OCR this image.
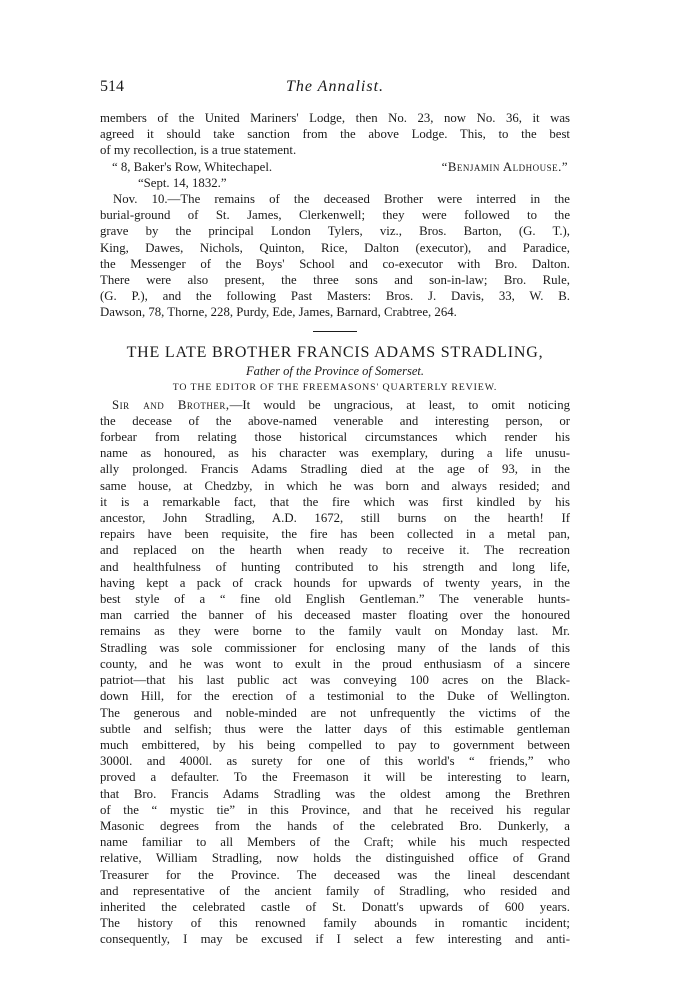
514	The Annalist.
members of the United Mariners' Lodge, then No. 23, now No. 36, it was
agreed it should take sanction from the above Lodge. This, to the best
of my recollection, is a true statement.
“ 8, Baker's Row, Whitechapel.	“Benjamin Aldhouse.”
“Sept. 14, 1832.”
Nov. 10.—The remains of the deceased Brother were interred in the
burial-ground of St. James, Clerkenwell; they were followed to the
grave by the principal London Tylers, viz., Bros. Barton, (G. T.),
King, Dawes, Nichols, Quinton, Rice, Dalton (executor), and Paradice,
the Messenger of the Boys' School and co-executor with Bro. Dalton.
There were also present, the three sons and son-in-law; Bro. Rule,
(G. P.), and the following Past Masters: Bros. J. Davis, 33, W. B.
Dawson, 78, Thorne, 228, Purdy, Ede, James, Barnard, Crabtree, 264.
THE LATE BROTHER FRANCIS ADAMS STRADLING,
Father of the Province of Somerset.
TO THE EDITOR OF THE FREEMASONS' QUARTERLY REVIEW.
Sir and Brother,—It would be ungracious, at least, to omit noticing
the decease of the above-named venerable and interesting person, or
forbear from relating those historical circumstances which render his
name as honoured, as his character was exemplary, during a life unusu-
ally prolonged. Francis Adams Stradling died at the age of 93, in the
same house, at Chedzby, in which he was born and always resided; and
it is a remarkable fact, that the fire which was first kindled by his
ancestor, John Stradling, A.D. 1672, still burns on the hearth! If
repairs have been requisite, the fire has been collected in a metal pan,
and replaced on the hearth when ready to receive it. The recreation
and healthfulness of hunting contributed to his strength and long life,
having kept a pack of crack hounds for upwards of twenty years, in the
best style of a “ fine old English Gentleman.” The venerable hunts-
man carried the banner of his deceased master floating over the honoured
remains as they were borne to the family vault on Monday last. Mr.
Stradling was sole commissioner for enclosing many of the lands of this
county, and he was wont to exult in the proud enthusiasm of a sincere
patriot—that his last public act was conveying 100 acres on the Black-
down Hill, for the erection of a testimonial to the Duke of Wellington.
The generous and noble-minded are not unfrequently the victims of the
subtle and selfish; thus were the latter days of this estimable gentleman
much embittered, by his being compelled to pay to government between
3000l. and 4000l. as surety for one of this world's “ friends,” who
proved a defaulter. To the Freemason it will be interesting to learn,
that Bro. Francis Adams Stradling was the oldest among the Brethren
of the “ mystic tie” in this Province, and that he received his regular
Masonic degrees from the hands of the celebrated Bro. Dunkerly, a
name familiar to all Members of the Craft; while his much respected
relative, William Stradling, now holds the distinguished office of Grand
Treasurer for the Province. The deceased was the lineal descendant
and representative of the ancient family of Stradling, who resided and
inherited the celebrated castle of St. Donatt's upwards of 600 years.
The history of this renowned family abounds in romantic incident;
consequently, I may be excused if I select a few interesting and anti-
